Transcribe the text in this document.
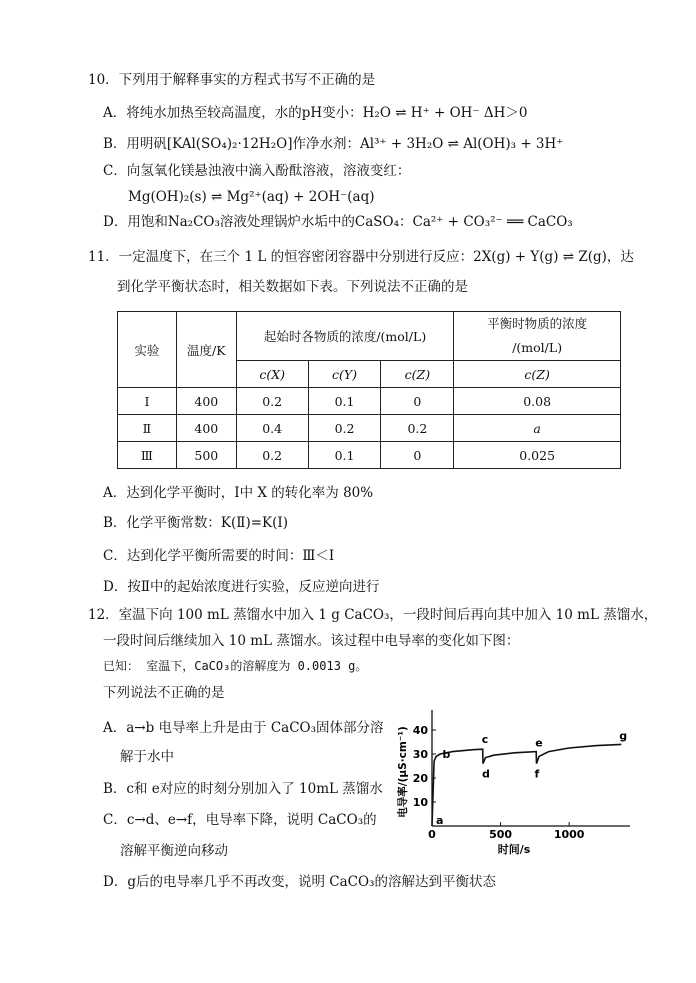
10．下列用于解释事实的方程式书写不正确的是
A．将纯水加热至较高温度，水的pH变小：H₂O ⇌ H⁺ + OH⁻ ΔH＞0
B．用明矾[KAl(SO₄)₂·12H₂O]作净水剂：Al³⁺ + 3H₂O ⇌ Al(OH)₃ + 3H⁺
C．向氢氧化镁悬浊液中滴入酚酞溶液，溶液变红：
Mg(OH)₂(s) ⇌ Mg²⁺(aq) + 2OH⁻(aq)
D．用饱和Na₂CO₃溶液处理锅炉水垢中的CaSO₄：Ca²⁺ + CO₃²⁻ ══ CaCO₃
11．一定温度下，在三个 1 L 的恒容密闭容器中分别进行反应：2X(g) + Y(g) ⇌ Z(g)，达
到化学平衡状态时，相关数据如下表。下列说法不正确的是
实验	温度/K	起始时各物质的浓度/(mol/L)			平衡时物质的浓度
/(mol/L)

		c(X)	c(Y)	c(Z)	c(Z)
Ⅰ	400	0.2	0.1	0	0.08
Ⅱ	400	0.4	0.2	0.2	a
Ⅲ	500	0.2	0.1	0	0.025
A．达到化学平衡时，Ⅰ中 X 的转化率为 80%
B．化学平衡常数：K(Ⅱ)=K(Ⅰ)
C．达到化学平衡所需要的时间：Ⅲ＜Ⅰ
D．按Ⅱ中的起始浓度进行实验，反应逆向进行
12．室温下向 100 mL 蒸馏水中加入 1 g CaCO₃，一段时间后再向其中加入 10 mL 蒸馏水，
一段时间后继续加入 10 mL 蒸馏水。该过程中电导率的变化如下图：
已知： 室温下，CaCO₃的溶解度为 0.0013 g。
下列说法不正确的是
A．a→b 电导率上升是由于 CaCO₃固体部分溶
解于水中
B．c和 e对应的时刻分别加入了 10mL 蒸馏水
C．c→d、e→f，电导率下降，说明 CaCO₃的
溶解平衡逆向移动
D．g后的电导率几乎不再改变，说明 CaCO₃的溶解达到平衡状态
10
20
30
40
0	500	1000
时间/s
电导率/(μS·cm⁻¹)
a
b
c
d
e
f
g
